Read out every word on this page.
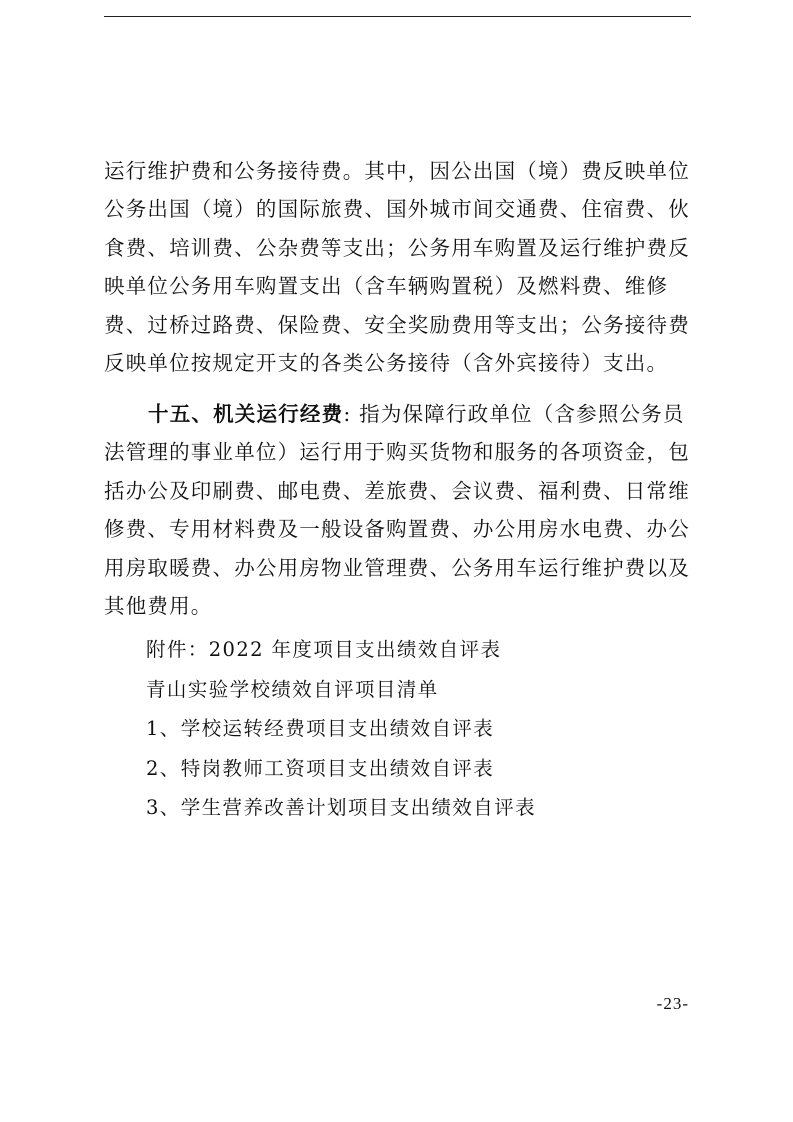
运行维护费和公务接待费。其中，因公出国（境）费反映单位公务出国（境）的国际旅费、国外城市间交通费、住宿费、伙食费、培训费、公杂费等支出；公务用车购置及运行维护费反映单位公务用车购置支出（含车辆购置税）及燃料费、维修费、过桥过路费、保险费、安全奖励费用等支出；公务接待费反映单位按规定开支的各类公务接待（含外宾接待）支出。

十五、机关运行经费: 指为保障行政单位（含参照公务员法管理的事业单位）运行用于购买货物和服务的各项资金，包括办公及印刷费、邮电费、差旅费、会议费、福利费、日常维修费、专用材料费及一般设备购置费、办公用房水电费、办公用房取暖费、办公用房物业管理费、公务用车运行维护费以及其他费用。

附件：2022 年度项目支出绩效自评表

青山实验学校绩效自评项目清单

1、学校运转经费项目支出绩效自评表

2、特岗教师工资项目支出绩效自评表

3、学生营养改善计划项目支出绩效自评表

-23-
